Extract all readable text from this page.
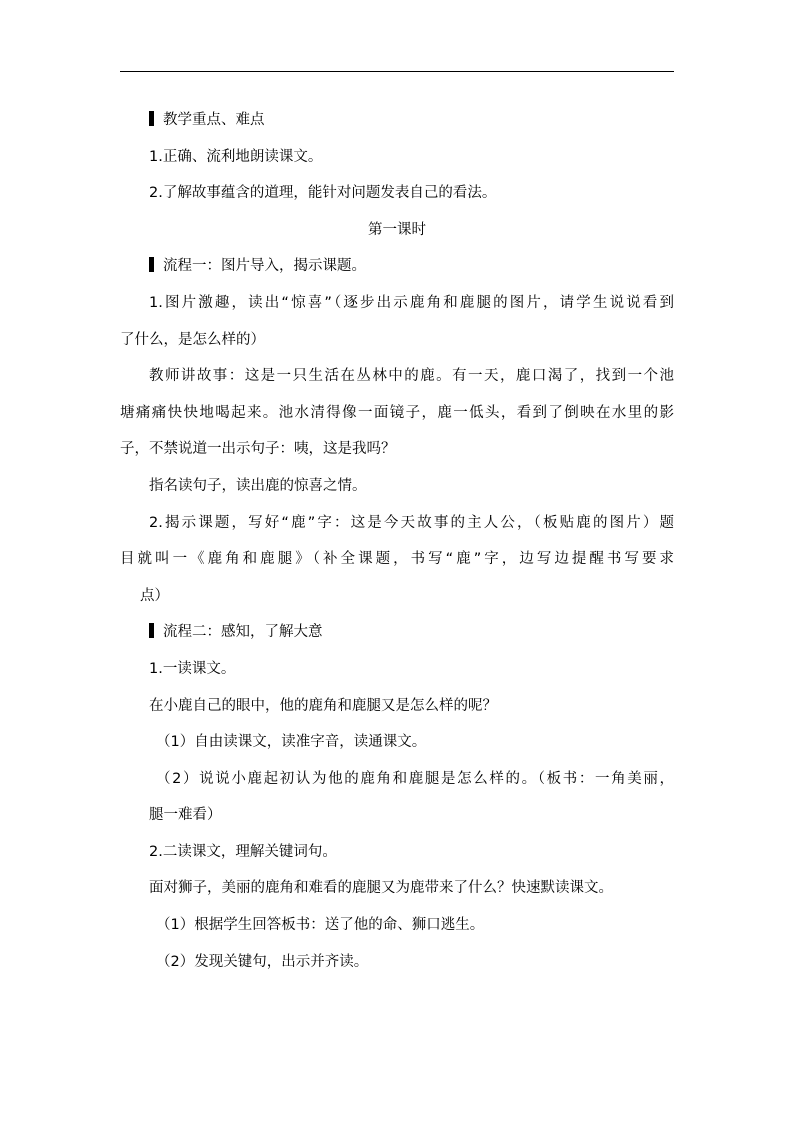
教学重点、难点
1.正确、流利地朗读课文。
2.了解故事蕴含的道理，能针对问题发表自己的看法。
第一课时
流程一：图片导入，揭示课题。
1.图片激趣，读出“惊喜”（逐步出示鹿角和鹿腿的图片，请学生说说看到
了什么，是怎么样的）
教师讲故事：这是一只生活在丛林中的鹿。有一天，鹿口渴了，找到一个池
塘痛痛快快地喝起来。池水清得像一面镜子，鹿一低头，看到了倒映在水里的影
子，不禁说道一出示句子：咦，这是我吗？
指名读句子，读出鹿的惊喜之情。
2.揭示课题，写好“鹿”字：这是今天故事的主人公，（板贴鹿的图片）题
目就叫一《鹿角和鹿腿》（补全课题，书写“鹿”字，边写边提醒书写要求
点）
流程二：感知，了解大意
1.一读课文。
在小鹿自己的眼中，他的鹿角和鹿腿又是怎么样的呢？
（1）自由读课文，读准字音，读通课文。
（2）说说小鹿起初认为他的鹿角和鹿腿是怎么样的。（板书：一角美丽，
腿一难看）
2.二读课文，理解关键词句。
面对狮子，美丽的鹿角和难看的鹿腿又为鹿带来了什么？快速默读课文。
（1）根据学生回答板书：送了他的命、狮口逃生。
（2）发现关键句，出示并齐读。
